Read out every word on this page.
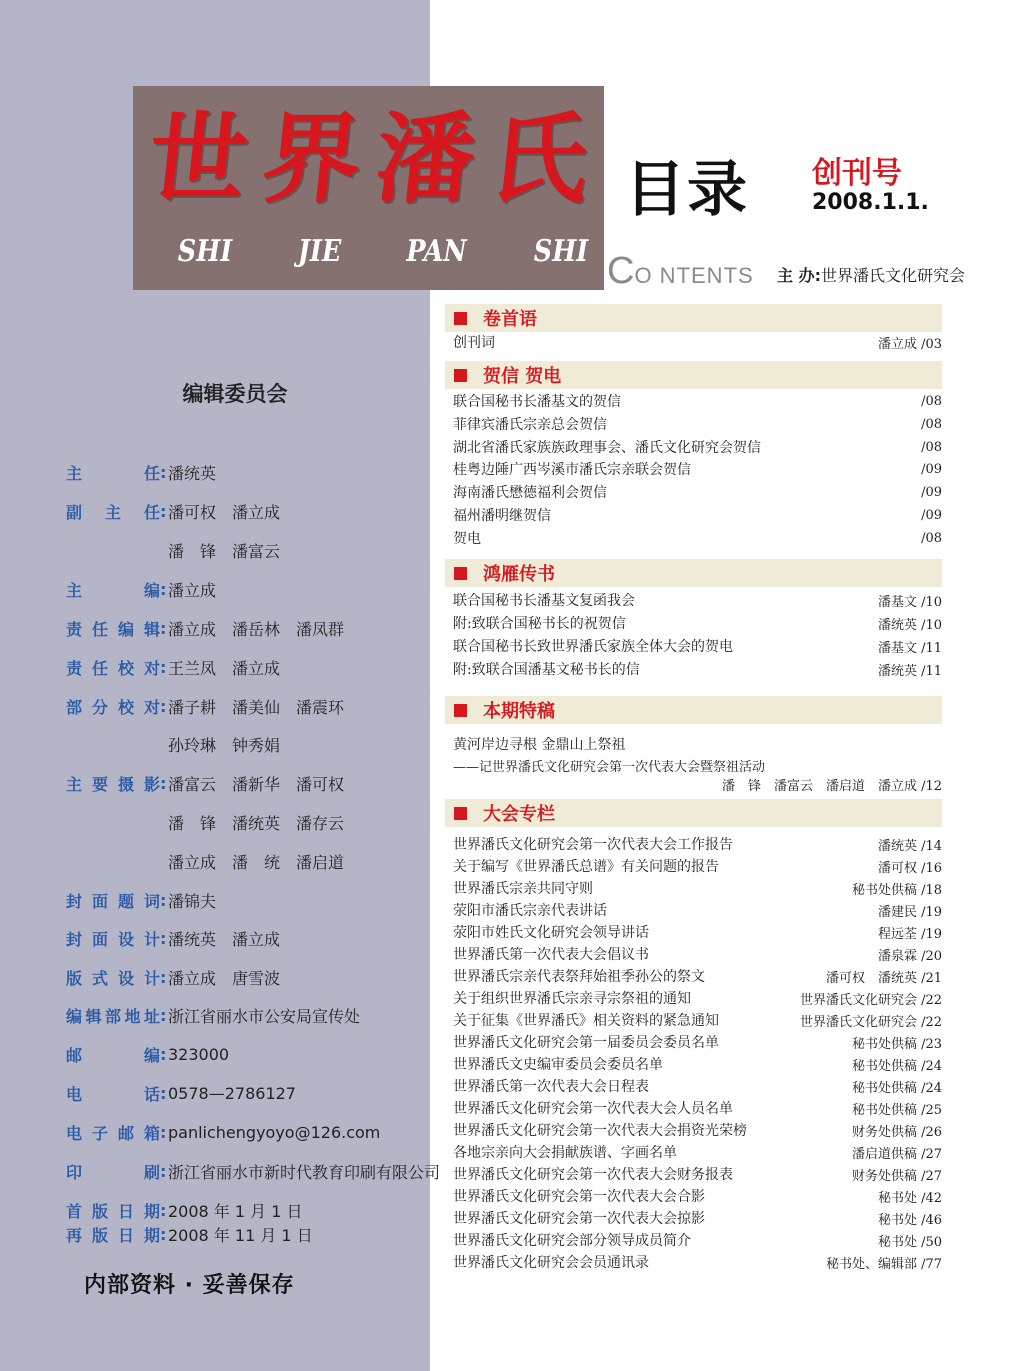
世 界 潘 氏
SHI JIE PAN SHI
目录 创刊号
2008.1.1.
CO NTENTS 主 办:世界潘氏文化研究会
编辑委员会
主	任 : 潘统英
副 主 任 : 潘可权 潘立成
潘　锋 潘富云
主	编 : 潘立成
责 任 编 辑 : 潘立成 潘岳林 潘凤群
责 任 校 对 : 王兰凤 潘立成
部 分 校 对 : 潘子耕 潘美仙 潘震环
孙玲琳 钟秀娟
主 要 摄 影 : 潘富云 潘新华 潘可权
潘　锋 潘统英 潘存云
潘立成 潘　统 潘启道
封 面 题 词 : 潘锦夫
封 面 设 计 : 潘统英 潘立成
版 式 设 计 : 潘立成 唐雪波
编 辑 部 地 址 : 浙江省丽水市公安局宣传处
邮	编 : 323000
电	话 : 0578—2786127
电 子 邮 箱 : panlichengyoyo@126.com
印	刷 : 浙江省丽水市新时代教育印刷有限公司
首 版 日 期 : 2008 年 1 月 1 日
再 版 日 期 : 2008 年 11 月 1 日
内部资料 · 妥善保存
卷首语
创刊词	潘立成 /03
贺信 贺电
联合国秘书长潘基文的贺信	/08
菲律宾潘氏宗亲总会贺信	/08
湖北省潘氏家族族政理事会、潘氏文化研究会贺信	/08
桂粤边陲广西岑溪市潘氏宗亲联会贺信	/09
海南潘氏懋德福利会贺信	/09
福州潘明继贺信	/09
贺电	/08
鸿雁传书
联合国秘书长潘基文复函我会	潘基文 /10
附:致联合国秘书长的祝贺信	潘统英 /10
联合国秘书长致世界潘氏家族全体大会的贺电	潘基文 /11
附:致联合国潘基文秘书长的信	潘统英 /11
本期特稿
黄河岸边寻根 金鼎山上祭祖
——记世界潘氏文化研究会第一次代表大会暨祭祖活动
潘　锋　潘富云　潘启道　潘立成 /12
大会专栏
世界潘氏文化研究会第一次代表大会工作报告	潘统英 /14
关于编写《世界潘氏总谱》有关问题的报告	潘可权 /16
世界潘氏宗亲共同守则	秘书处供稿 /18
荥阳市潘氏宗亲代表讲话	潘建民 /19
荥阳市姓氏文化研究会领导讲话	程远荃 /19
世界潘氏第一次代表大会倡议书	潘泉霖 /20
世界潘氏宗亲代表祭拜始祖季孙公的祭文	潘可权　潘统英 /21
关于组织世界潘氏宗亲寻宗祭祖的通知	世界潘氏文化研究会 /22
关于征集《世界潘氏》相关资料的紧急通知	世界潘氏文化研究会 /22
世界潘氏文化研究会第一届委员会委员名单	秘书处供稿 /23
世界潘氏文史编审委员会委员名单	秘书处供稿 /24
世界潘氏第一次代表大会日程表	秘书处供稿 /24
世界潘氏文化研究会第一次代表大会人员名单	秘书处供稿 /25
世界潘氏文化研究会第一次代表大会捐资光荣榜	财务处供稿 /26
各地宗亲向大会捐献族谱、字画名单	潘启道供稿 /27
世界潘氏文化研究会第一次代表大会财务报表	财务处供稿 /27
世界潘氏文化研究会第一次代表大会合影	秘书处 /42
世界潘氏文化研究会第一次代表大会掠影	秘书处 /46
世界潘氏文化研究会部分领导成员简介	秘书处 /50
世界潘氏文化研究会会员通讯录	秘书处、编辑部 /77
